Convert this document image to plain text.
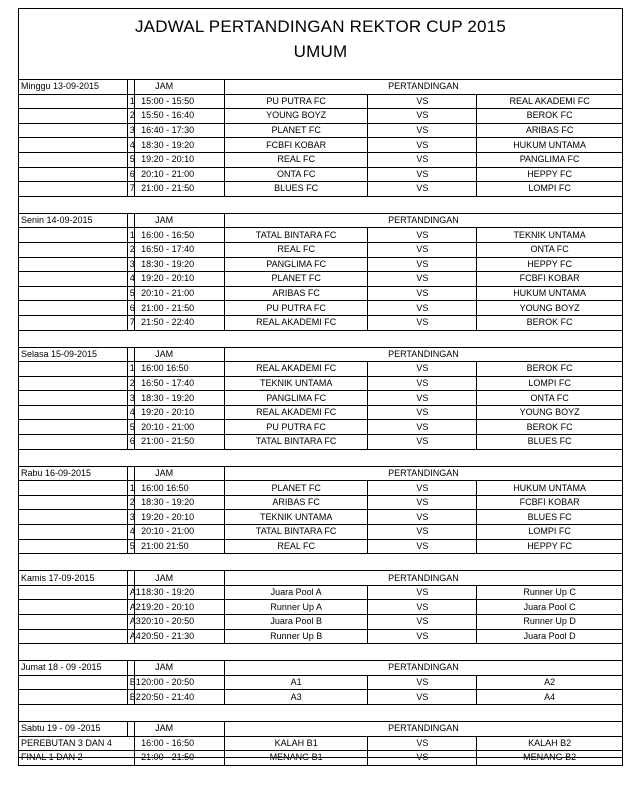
JADWAL PERTANDINGAN REKTOR CUP 2015
UMUM
Minggu 13-09-2015		JAM	PERTANDINGAN		
	1	15:00 - 15:50	PU PUTRA FC	VS	REAL AKADEMI FC
	2	15:50 - 16:40	YOUNG BOYZ	VS	BEROK FC
	3	16:40 - 17:30	PLANET FC	VS	ARIBAS FC
	4	18:30 - 19:20	FCBFI KOBAR	VS	HUKUM UNTAMA
	5	19:20 - 20:10	REAL FC	VS	PANGLIMA FC
	6	20:10 - 21:00	ONTA FC	VS	HEPPY FC
	7	21:00 - 21:50	BLUES FC	VS	LOMPI FC

Senin 14-09-2015		JAM	PERTANDINGAN		
	1	16:00 - 16:50	TATAL BINTARA FC	VS	TEKNIK UNTAMA
	2	16:50 - 17:40	REAL FC	VS	ONTA FC
	3	18:30 - 19:20	PANGLIMA FC	VS	HEPPY FC
	4	19:20 - 20:10	PLANET FC	VS	FCBFI KOBAR
	5	20:10 - 21:00	ARIBAS FC	VS	HUKUM UNTAMA
	6	21:00 - 21:50	PU PUTRA FC	VS	YOUNG BOYZ
	7	21:50 - 22:40	REAL AKADEMI FC	VS	BEROK FC

Selasa 15-09-2015		JAM	PERTANDINGAN		
	1	16:00 16:50	REAL AKADEMI FC	VS	BEROK FC
	2	16:50 - 17:40	TEKNIK UNTAMA	VS	LOMPI FC
	3	18:30 - 19:20	PANGLIMA FC	VS	ONTA FC
	4	19:20 - 20:10	REAL AKADEMI FC	VS	YOUNG BOYZ
	5	20:10 - 21:00	PU PUTRA FC	VS	BEROK FC
	6	21:00 - 21:50	TATAL BINTARA FC	VS	BLUES FC

Rabu 16-09-2015		JAM	PERTANDINGAN		
	1	16:00 16:50	PLANET FC	VS	HUKUM UNTAMA
	2	18:30 - 19:20	ARIBAS FC	VS	FCBFI KOBAR
	3	19:20 - 20:10	TEKNIK UNTAMA	VS	BLUES FC
	4	20:10 - 21:00	TATAL BINTARA FC	VS	LOMPI FC
	5	21:00 21:50	REAL FC	VS	HEPPY FC

Kamis 17-09-2015		JAM	PERTANDINGAN		
	A1	18:30 - 19:20	Juara Pool A	VS	Runner Up C
	A2	19:20 - 20:10	Runner Up A	VS	Juara Pool C
	A3	20:10 - 20:50	Juara Pool B	VS	Runner Up D
	A4	20:50 - 21:30	Runner Up B	VS	Juara Pool D

Jumat 18 - 09 -2015		JAM	PERTANDINGAN		
	B1	20:00 - 20:50	A1	VS	A2
	B2	20:50 - 21:40	A3	VS	A4

Sabtu 19 - 09 -2015		JAM	PERTANDINGAN		
PEREBUTAN 3 DAN 4		16:00 - 16:50	KALAH B1	VS	KALAH B2
FINAL 1 DAN 2		21:00 - 21:50	MENANG B1	VS	MENANG B2
